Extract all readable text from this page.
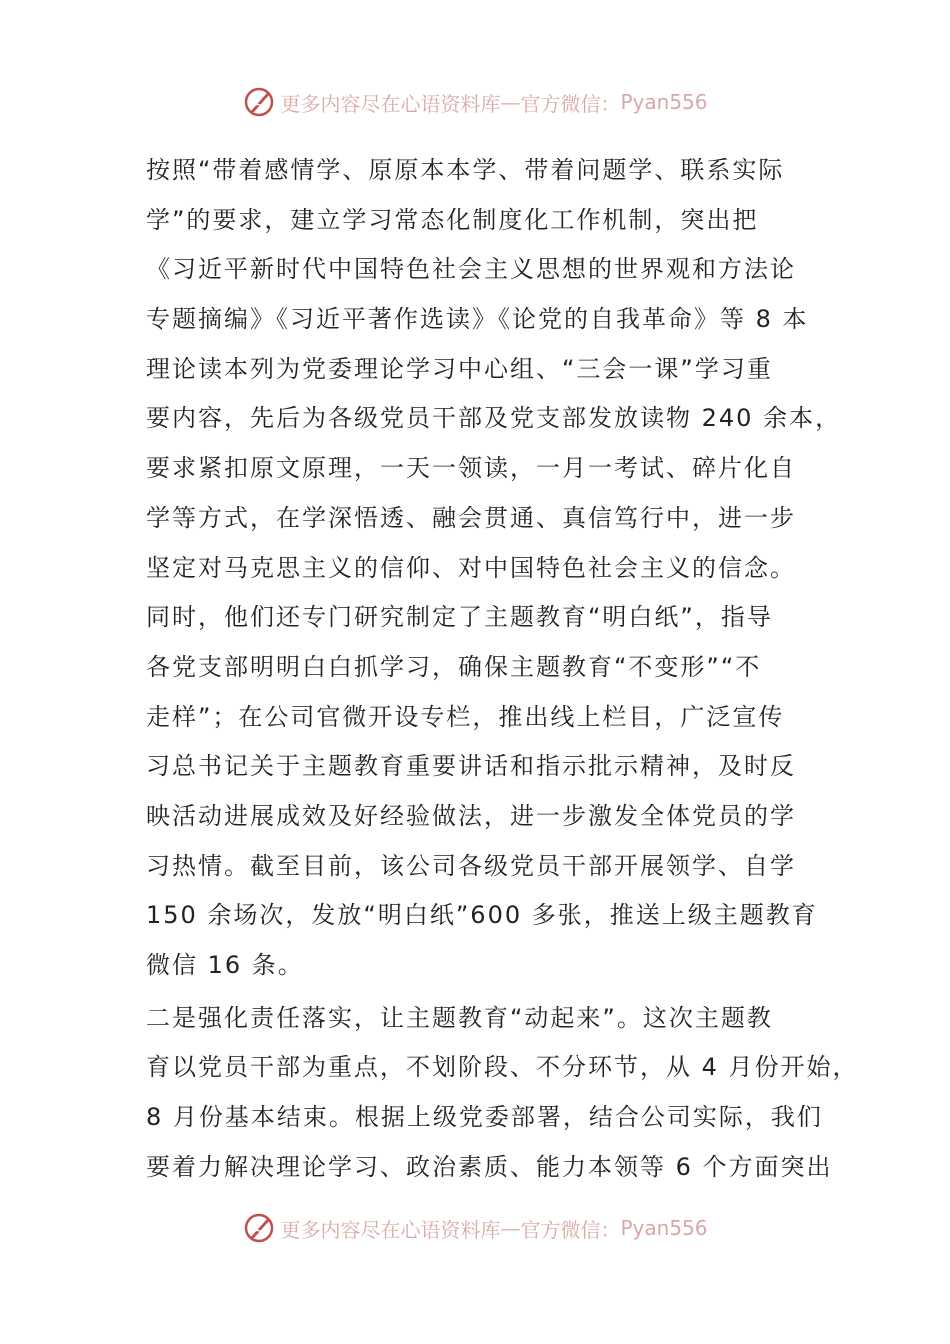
更多内容尽在心语资料库 — 官方微信： Pyan556
按照“带着感情学、原原本本学、带着问题学、联系实际
学”的要求，建立学习常态化制度化工作机制，突出把
《习近平新时代中国特色社会主义思想的世界观和方法论
专题摘编》《习近平著作选读》《论党的自我革命》等 8 本
理论读本列为党委理论学习中心组、“三会一课”学习重
要内容，先后为各级党员干部及党支部发放读物 240 余本，
要求紧扣原文原理，一天一领读，一月一考试、碎片化自
学等方式，在学深悟透、融会贯通、真信笃行中，进一步
坚定对马克思主义的信仰、对中国特色社会主义的信念。
同时，他们还专门研究制定了主题教育“明白纸”，指导
各党支部明明白白抓学习，确保主题教育“不变形”“不
走样”；在公司官微开设专栏，推出线上栏目，广泛宣传
习总书记关于主题教育重要讲话和指示批示精神，及时反
映活动进展成效及好经验做法，进一步激发全体党员的学
习热情。截至目前，该公司各级党员干部开展领学、自学
150 余场次，发放“明白纸”600 多张，推送上级主题教育
微信 16 条。
二是强化责任落实，让主题教育“动起来”。这次主题教
育以党员干部为重点，不划阶段、不分环节，从 4 月份开始，
8 月份基本结束。根据上级党委部署，结合公司实际，我们
要着力解决理论学习、政治素质、能力本领等 6 个方面突出
更多内容尽在心语资料库 — 官方微信： Pyan556
